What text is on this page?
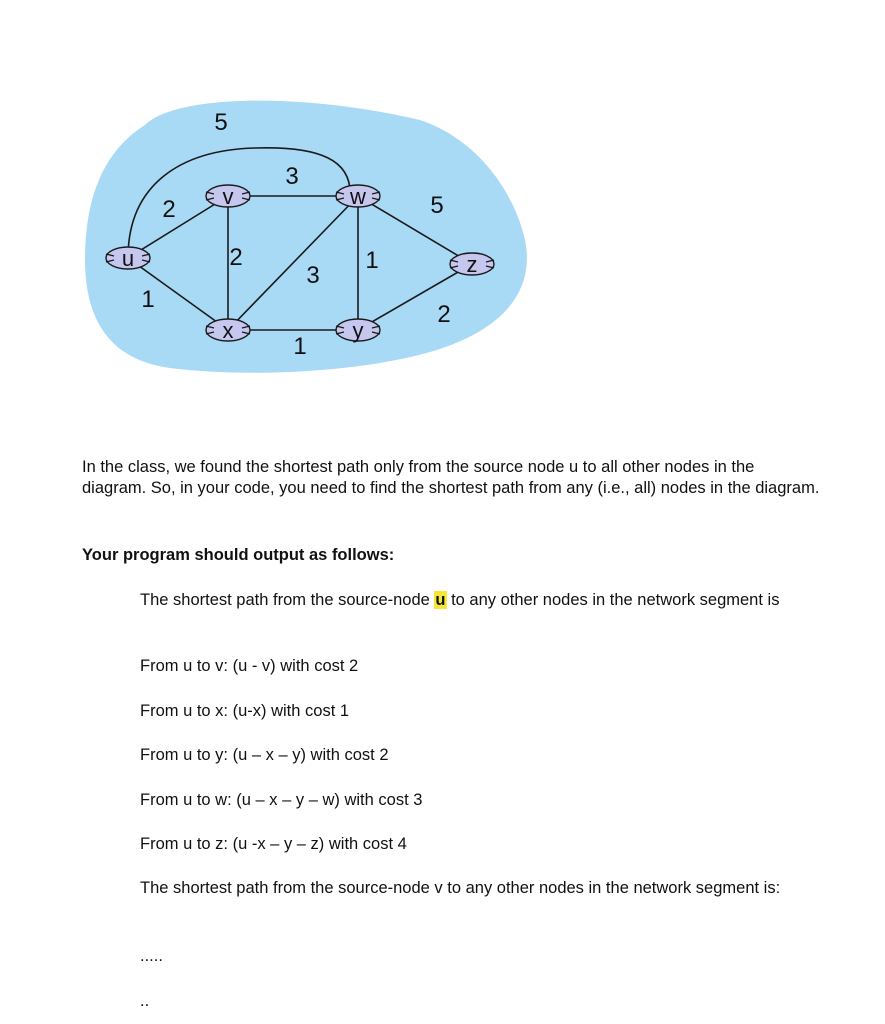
5
3
2
2
3
1
5
1
1
2
u
v	w
x	y
z

In the class, we found the shortest path only from the source node u to all other nodes in the diagram. So, in your code, you need to find the shortest path from any (i.e., all) nodes in the diagram.

Your program should output as follows:

The shortest path from the source-node u to any other nodes in the network segment is

From u to v: (u - v) with cost 2

From u to x: (u-x) with cost 1

From u to y: (u – x – y) with cost 2

From u to w: (u – x – y – w) with cost 3

From u to z: (u -x – y – z) with cost 4

The shortest path from the source-node v to any other nodes in the network segment is:

.....

..
